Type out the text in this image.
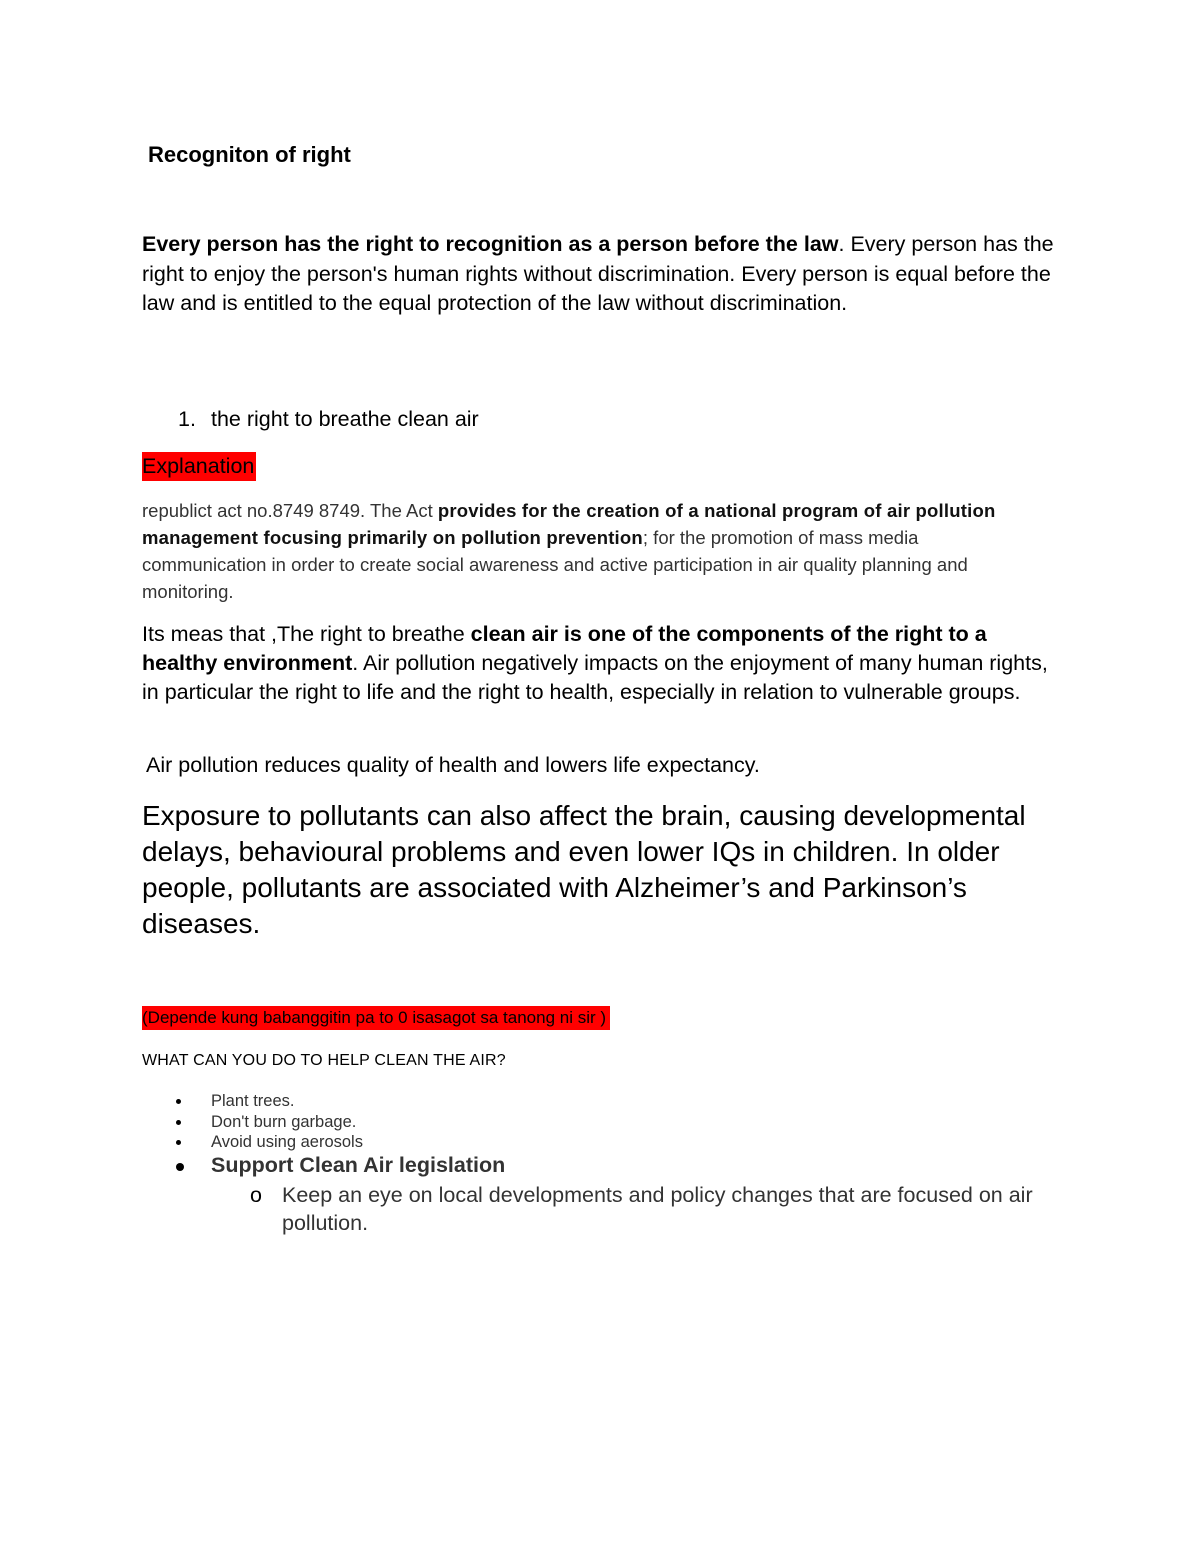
Recogniton of right

Every person has the right to recognition as a person before the law. Every person has the right to enjoy the person's human rights without discrimination. Every person is equal before the law and is entitled to the equal protection of the law without discrimination.

1. the right to breathe clean air

Explanation

republict act no.8749 8749. The Act provides for the creation of a national program of air pollution management focusing primarily on pollution prevention; for the promotion of mass media communication in order to create social awareness and active participation in air quality planning and monitoring.

Its meas that ,The right to breathe clean air is one of the components of the right to a healthy environment. Air pollution negatively impacts on the enjoyment of many human rights, in particular the right to life and the right to health, especially in relation to vulnerable groups.

Air pollution reduces quality of health and lowers life expectancy.

Exposure to pollutants can also affect the brain, causing developmental delays, behavioural problems and even lower IQs in children. In older people, pollutants are associated with Alzheimer’s and Parkinson’s diseases.

(Depende kung babanggitin pa to 0 isasagot sa tanong ni sir )

WHAT CAN YOU DO TO HELP CLEAN THE AIR?

Plant trees.
Don't burn garbage.
Avoid using aerosols

Support Clean Air legislation

o Keep an eye on local developments and policy changes that are focused on air pollution.
